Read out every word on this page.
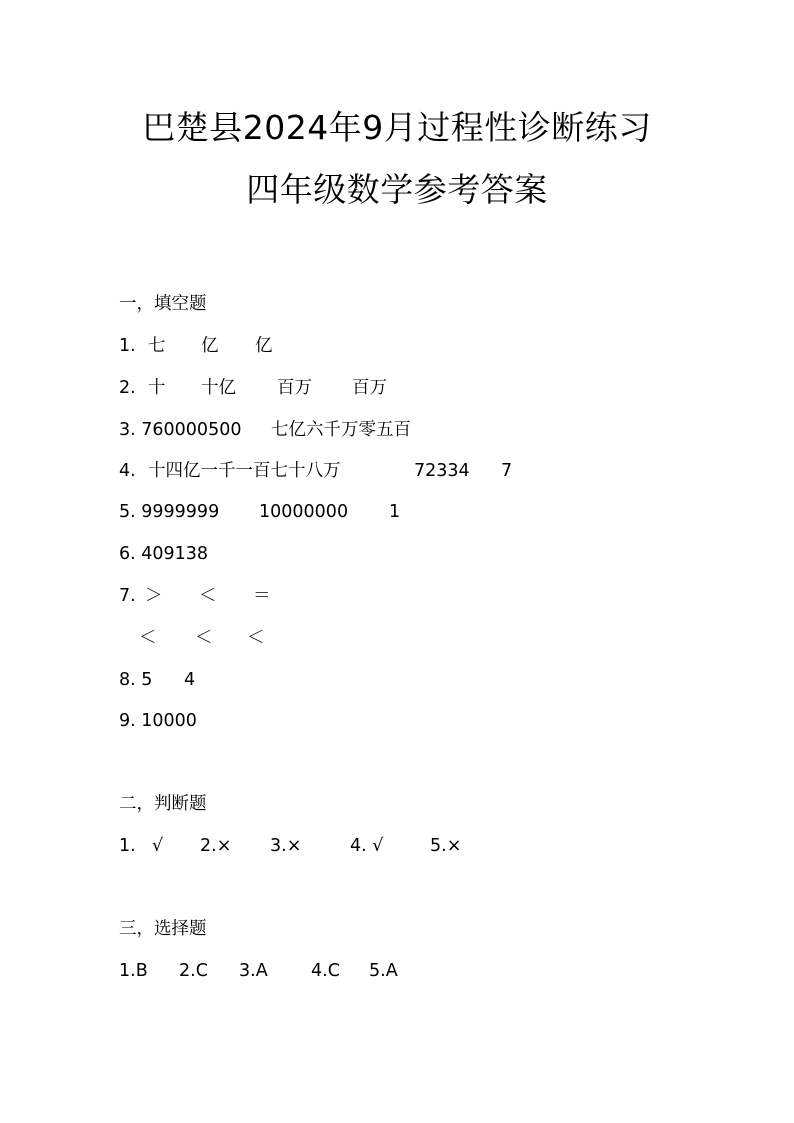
巴楚县2024年9月过程性诊断练习
四年级数学参考答案
一，填空题
1. 七 亿 亿
2. 十 十亿 百万 百万
3. 760000500 七亿六千万零五百
4. 十四亿一千一百七十八万	72334 7
5. 9999999 10000000 1
6. 409138
7. ＞ ＜ ＝
＜ ＜ ＜
8. 5 4
9. 10000
二，判断题
1. √ 2.× 3.×	4. √	5.×
三，选择题
1.B 2.C 3.A 4.C 5.A
